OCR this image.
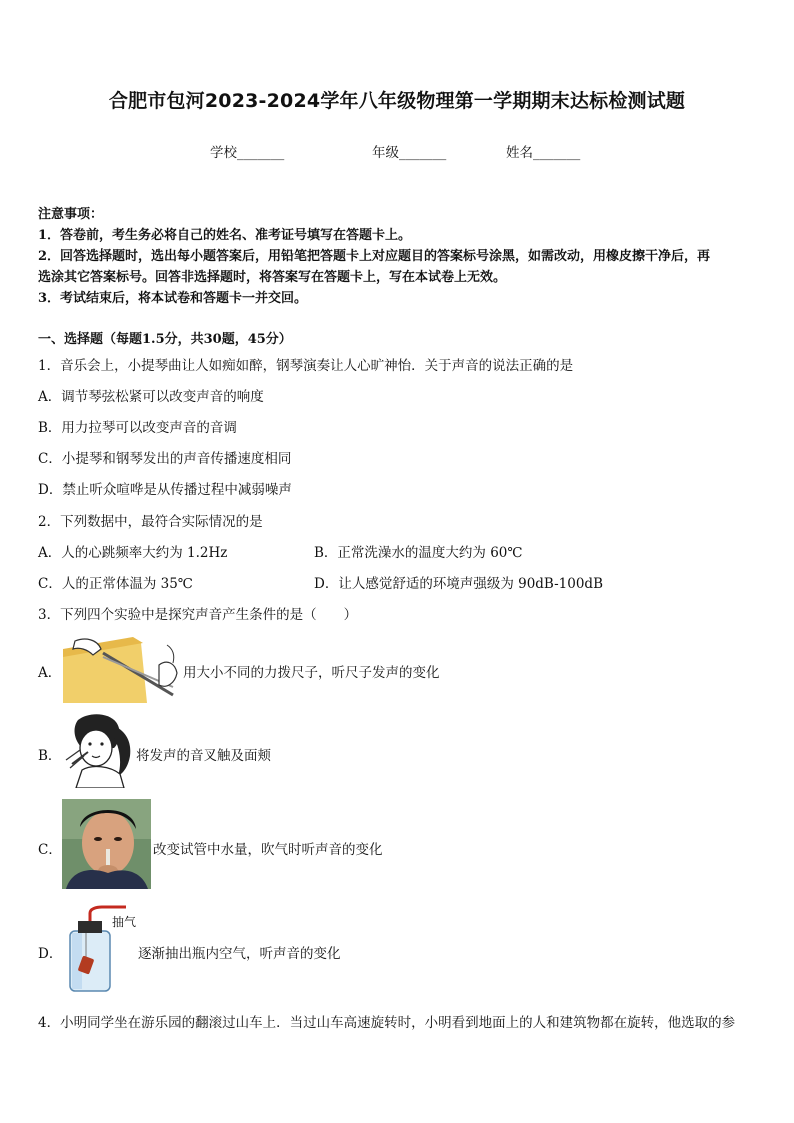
合肥市包河2023-2024学年八年级物理第一学期期末达标检测试题
学校_______	年级_______	姓名_______
注意事项：
1．答卷前，考生务必将自己的姓名、准考证号填写在答题卡上。
2．回答选择题时，选出每小题答案后，用铅笔把答题卡上对应题目的答案标号涂黑，如需改动，用橡皮擦干净后，再
选涂其它答案标号。回答非选择题时，将答案写在答题卡上，写在本试卷上无效。
3．考试结束后，将本试卷和答题卡一并交回。
一、选择题（每题1.5分，共30题，45分）
1．音乐会上，小提琴曲让人如痴如醉，钢琴演奏让人心旷神怡．关于声音的说法正确的是
A．调节琴弦松紧可以改变声音的响度
B．用力拉琴可以改变声音的音调
C．小提琴和钢琴发出的声音传播速度相同
D．禁止听众喧哗是从传播过程中减弱噪声
2．下列数据中，最符合实际情况的是
A．人的心跳频率大约为 1.2Hz	B．正常洗澡水的温度大约为 60℃
C．人的正常体温为 35℃	D．让人感觉舒适的环境声强级为 90dB-100dB
3．下列四个实验中是探究声音产生条件的是（　　）
A．	用大小不同的力拨尺子，听尺子发声的变化
B．	将发声的音叉触及面颊
C．	改变试管中水量，吹气时听声音的变化
D．
抽气
逐渐抽出瓶内空气，听声音的变化
4．小明同学坐在游乐园的翻滚过山车上．当过山车高速旋转时，小明看到地面上的人和建筑物都在旋转，他选取的参
